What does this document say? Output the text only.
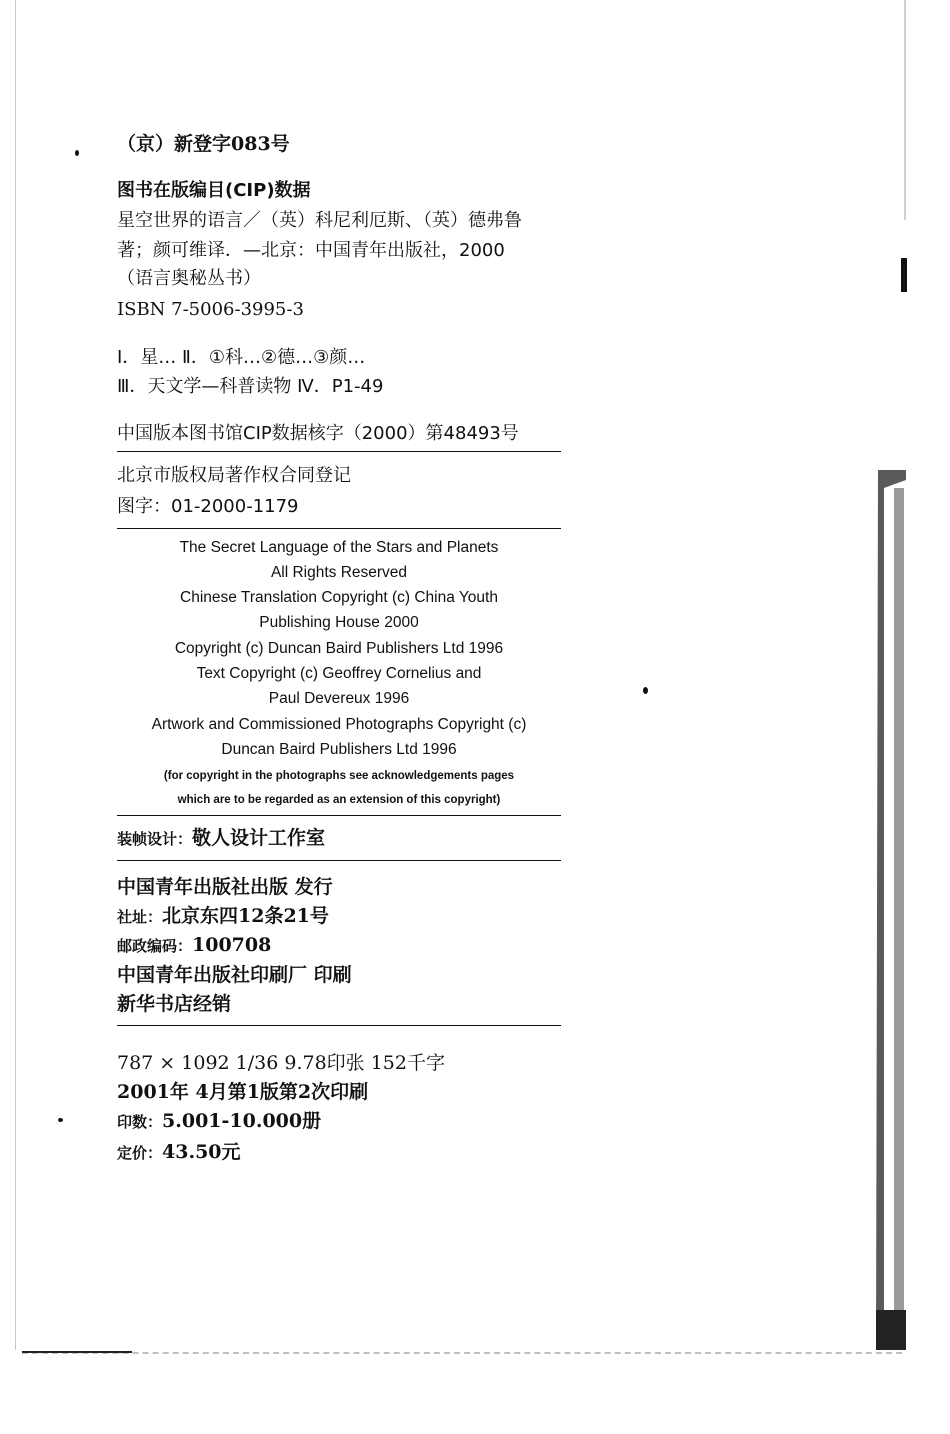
（京）新登字083号
图书在版编目(CIP)数据
星空世界的语言／（英）科尼利厄斯、（英）德弗鲁
著；颜可维译．—北京：中国青年出版社，2000
（语言奥秘丛书）
ISBN 7-5006-3995-3
Ⅰ．星… Ⅱ．①科…②德…③颜…
Ⅲ．天文学—科普读物 Ⅳ．P1-49
中国版本图书馆CIP数据核字（2000）第48493号
北京市版权局著作权合同登记
图字：01-2000-1179
The Secret Language of the Stars and Planets
All Rights Reserved
Chinese Translation Copyright (c) China Youth
Publishing House 2000
Copyright (c) Duncan Baird Publishers Ltd 1996
Text Copyright (c) Geoffrey Cornelius and
Paul Devereux 1996
Artwork and Commissioned Photographs Copyright (c)
Duncan Baird Publishers Ltd 1996
(for copyright in the photographs see acknowledgements pages
which are to be regarded as an extension of this copyright)
装帧设计：敬人设计工作室
中国青年出版社出版 发行
社址：北京东四12条21号
邮政编码：100708
中国青年出版社印刷厂 印刷
新华书店经销
787 × 1092 1/36 9.78印张 152千字
2001年 4月第1版第2次印刷
印数：5.001-10.000册
定价：43.50元
